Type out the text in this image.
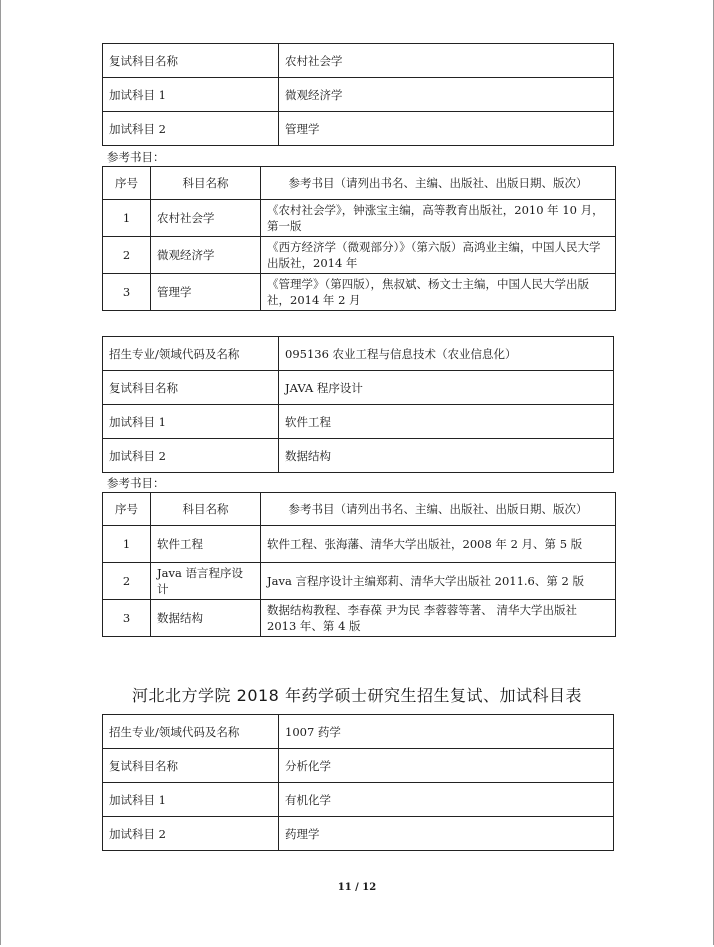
复试科目名称	农村社会学
加试科目 1	微观经济学
加试科目 2	管理学
参考书目：
序号	科目名称	参考书目（请列出书名、主编、出版社、出版日期、版次）
1	农村社会学	《农村社会学》，钟涨宝主编，高等教育出版社，2010 年 10 月，第一版
2	微观经济学	《西方经济学（微观部分）》（第六版）高鸿业主编，中国人民大学出版社，2014 年
3	管理学	《管理学》（第四版），焦叔斌、杨文士主编，中国人民大学出版社，2014 年 2 月
招生专业/领域代码及名称	095136 农业工程与信息技术（农业信息化）
复试科目名称	JAVA 程序设计
加试科目 1	软件工程
加试科目 2	数据结构
参考书目：
序号	科目名称	参考书目（请列出书名、主编、出版社、出版日期、版次）
1	软件工程	软件工程、张海藩、清华大学出版社，2008 年 2 月、第 5 版
2	Java 语言程序设计	Java 言程序设计主编郑莉、清华大学出版社 2011.6、第 2 版
3	数据结构	数据结构教程、李春葆 尹为民 李蓉蓉等著、 清华大学出版社 2013 年、第 4 版
河北北方学院 2018 年药学硕士研究生招生复试、加试科目表
招生专业/领域代码及名称	1007 药学
复试科目名称	分析化学
加试科目 1	有机化学
加试科目 2	药理学
11 / 12
